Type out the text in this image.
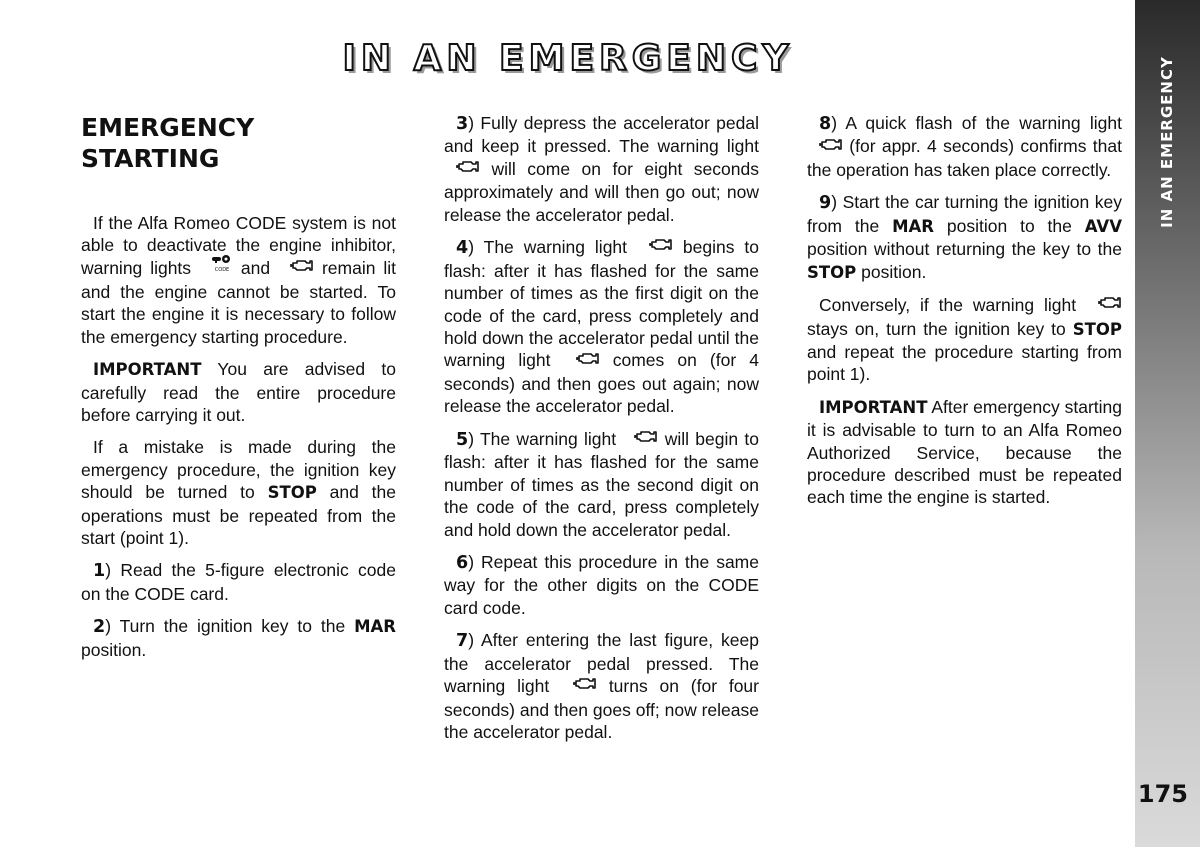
IN AN EMERGENCY	IN AN EMERGENCY
175
EMERGENCY
STARTING

If the Alfa Romeo CODE system is not able to deactivate the engine inhibitor, warning lights	CODE and	remain lit and the engine cannot be started. To start the engine it is necessary to follow the emergency starting procedure.

IMPORTANT You are advised to carefully read the entire procedure before carrying it out.

If a mistake is made during the emergency procedure, the ignition key should be turned to STOP and the operations must be repeated from the start (point 1).

1) Read the 5-figure electronic code on the CODE card.

2) Turn the ignition key to the MAR position.

3) Fully depress the accelerator pedal and keep it pressed. The warning light  will come on for eight seconds approximately and will then go out; now release the accelerator pedal.

4) The warning light	begins to flash: after it has flashed for the same number of times as the first digit on the code of the card, press completely and hold down the accelerator pedal until the warning light	comes on (for 4 seconds) and then goes out again; now release the accelerator pedal.

5) The warning light	will begin to flash: after it has flashed for the same number of times as the second digit on the code of the card, press completely and hold down the accelerator pedal.

6) Repeat this procedure in the same way for the other digits on the CODE card code.

7) After entering the last figure, keep the accelerator pedal pressed. The warning light	turns on (for four seconds) and then goes off; now release the accelerator pedal.

8) A quick flash of the warning light  (for appr. 4 seconds) confirms that the operation has taken place correctly.

9) Start the car turning the ignition key from the MAR position to the AVV position without returning the key to the STOP position.

Conversely, if the warning light  stays on, turn the ignition key to STOP and repeat the procedure starting from point 1).

IMPORTANT After emergency starting it is advisable to turn to an Alfa Romeo Authorized Service, because the procedure described must be repeated each time the engine is started.
